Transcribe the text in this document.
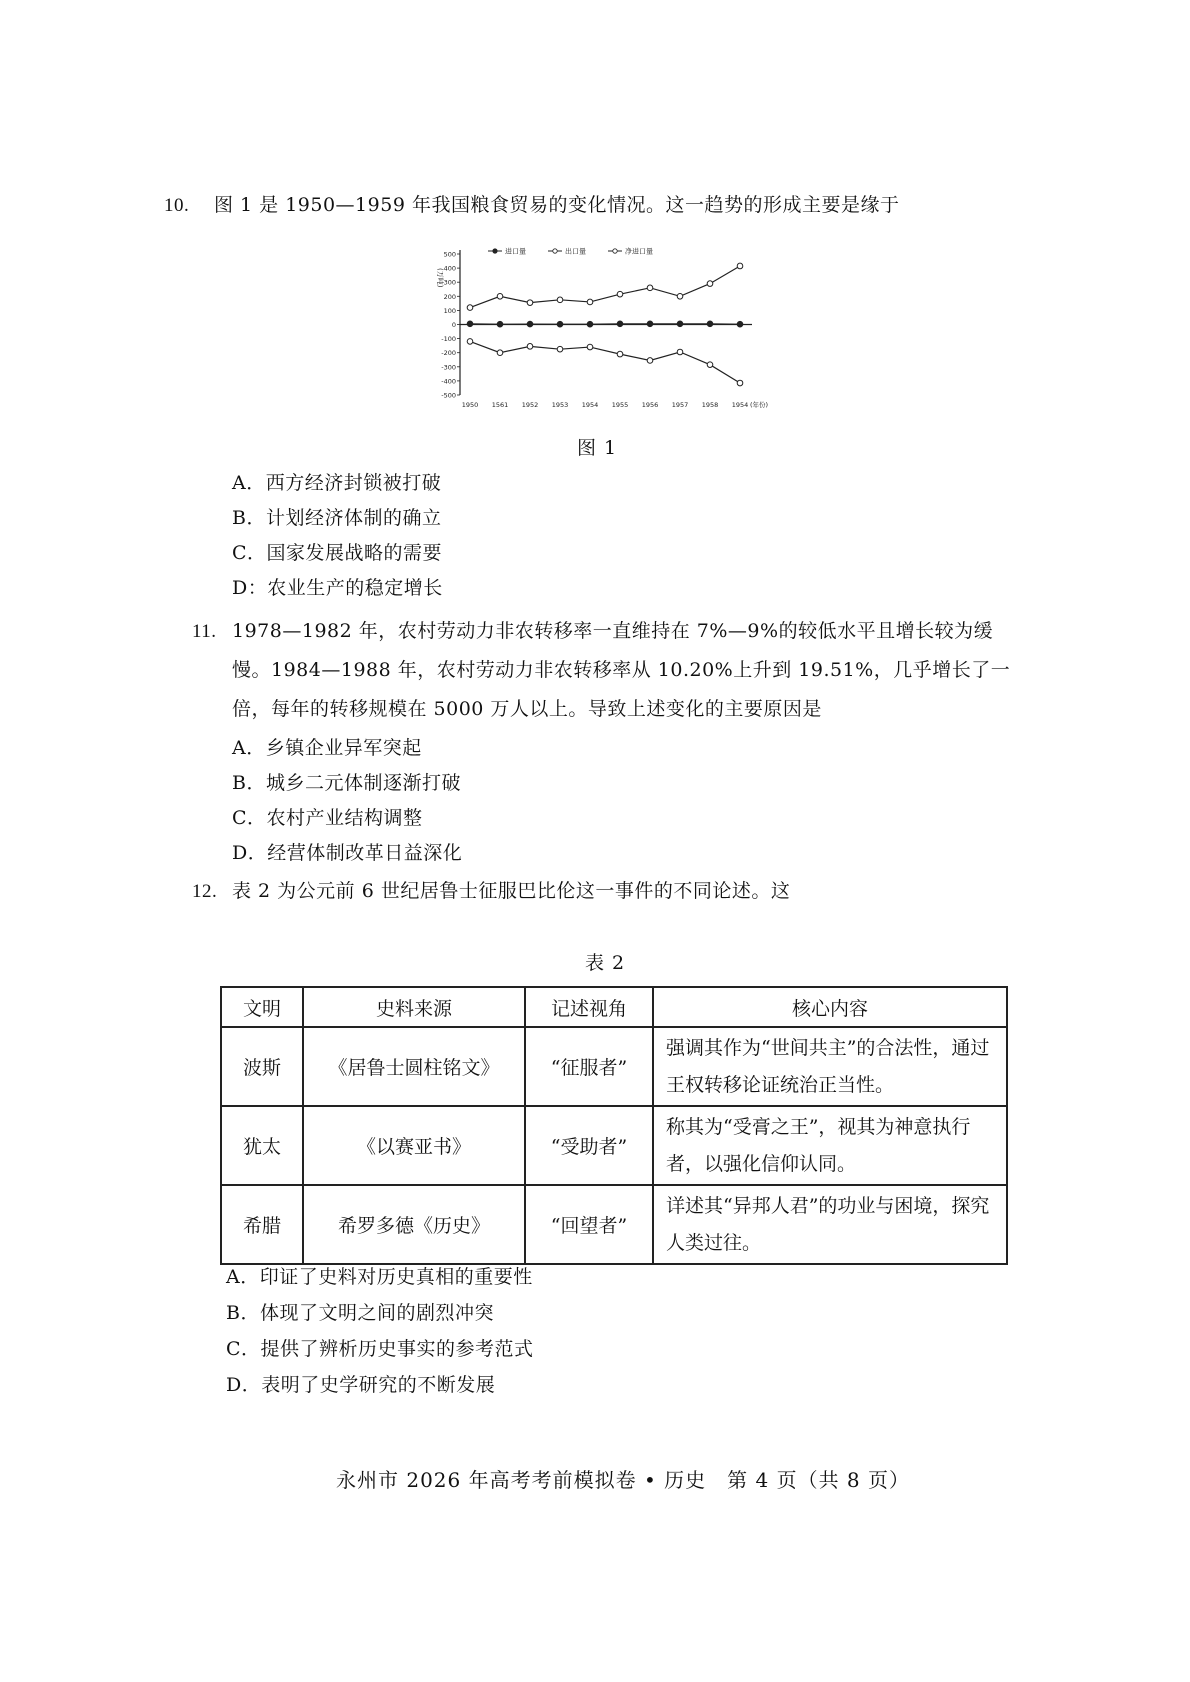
10. 图 1 是 1950—1959 年我国粮食贸易的变化情况。这一趋势的形成主要是缘于
(万吨)
500
400
300
200
100
0
-100
-200
-300
-400
-500
1950 1561 1952 1953 1954 1955 1956 1957 1958 1954 (年份)
进口量	出口量	净进口量
图 1
A．西方经济封锁被打破
B．计划经济体制的确立
C．国家发展战略的需要
D：农业生产的稳定增长
11. 1978—1982 年，农村劳动力非农转移率一直维持在 7%—9%的较低水平且增长较为缓慢。1984—1988 年，农村劳动力非农转移率从 10.20%上升到 19.51%，几乎增长了一倍，每年的转移规模在 5000 万人以上。导致上述变化的主要原因是
A．乡镇企业异军突起
B．城乡二元体制逐渐打破
C．农村产业结构调整
D．经营体制改革日益深化
12. 表 2 为公元前 6 世纪居鲁士征服巴比伦这一事件的不同论述。这
表 2
文明	史料来源	记述视角	核心内容
波斯	《居鲁士圆柱铭文》	“征服者”	强调其作为“世间共主”的合法性，通过王权转移论证统治正当性。
犹太	《以赛亚书》	“受助者”	称其为“受膏之王”，视其为神意执行者，以强化信仰认同。
希腊	希罗多德《历史》	“回望者”	详述其“异邦人君”的功业与困境，探究人类过往。
A．印证了史料对历史真相的重要性
B．体现了文明之间的剧烈冲突
C．提供了辨析历史事实的参考范式
D．表明了史学研究的不断发展
永州市 2026 年高考考前模拟卷 • 历史　第 4 页（共 8 页）
